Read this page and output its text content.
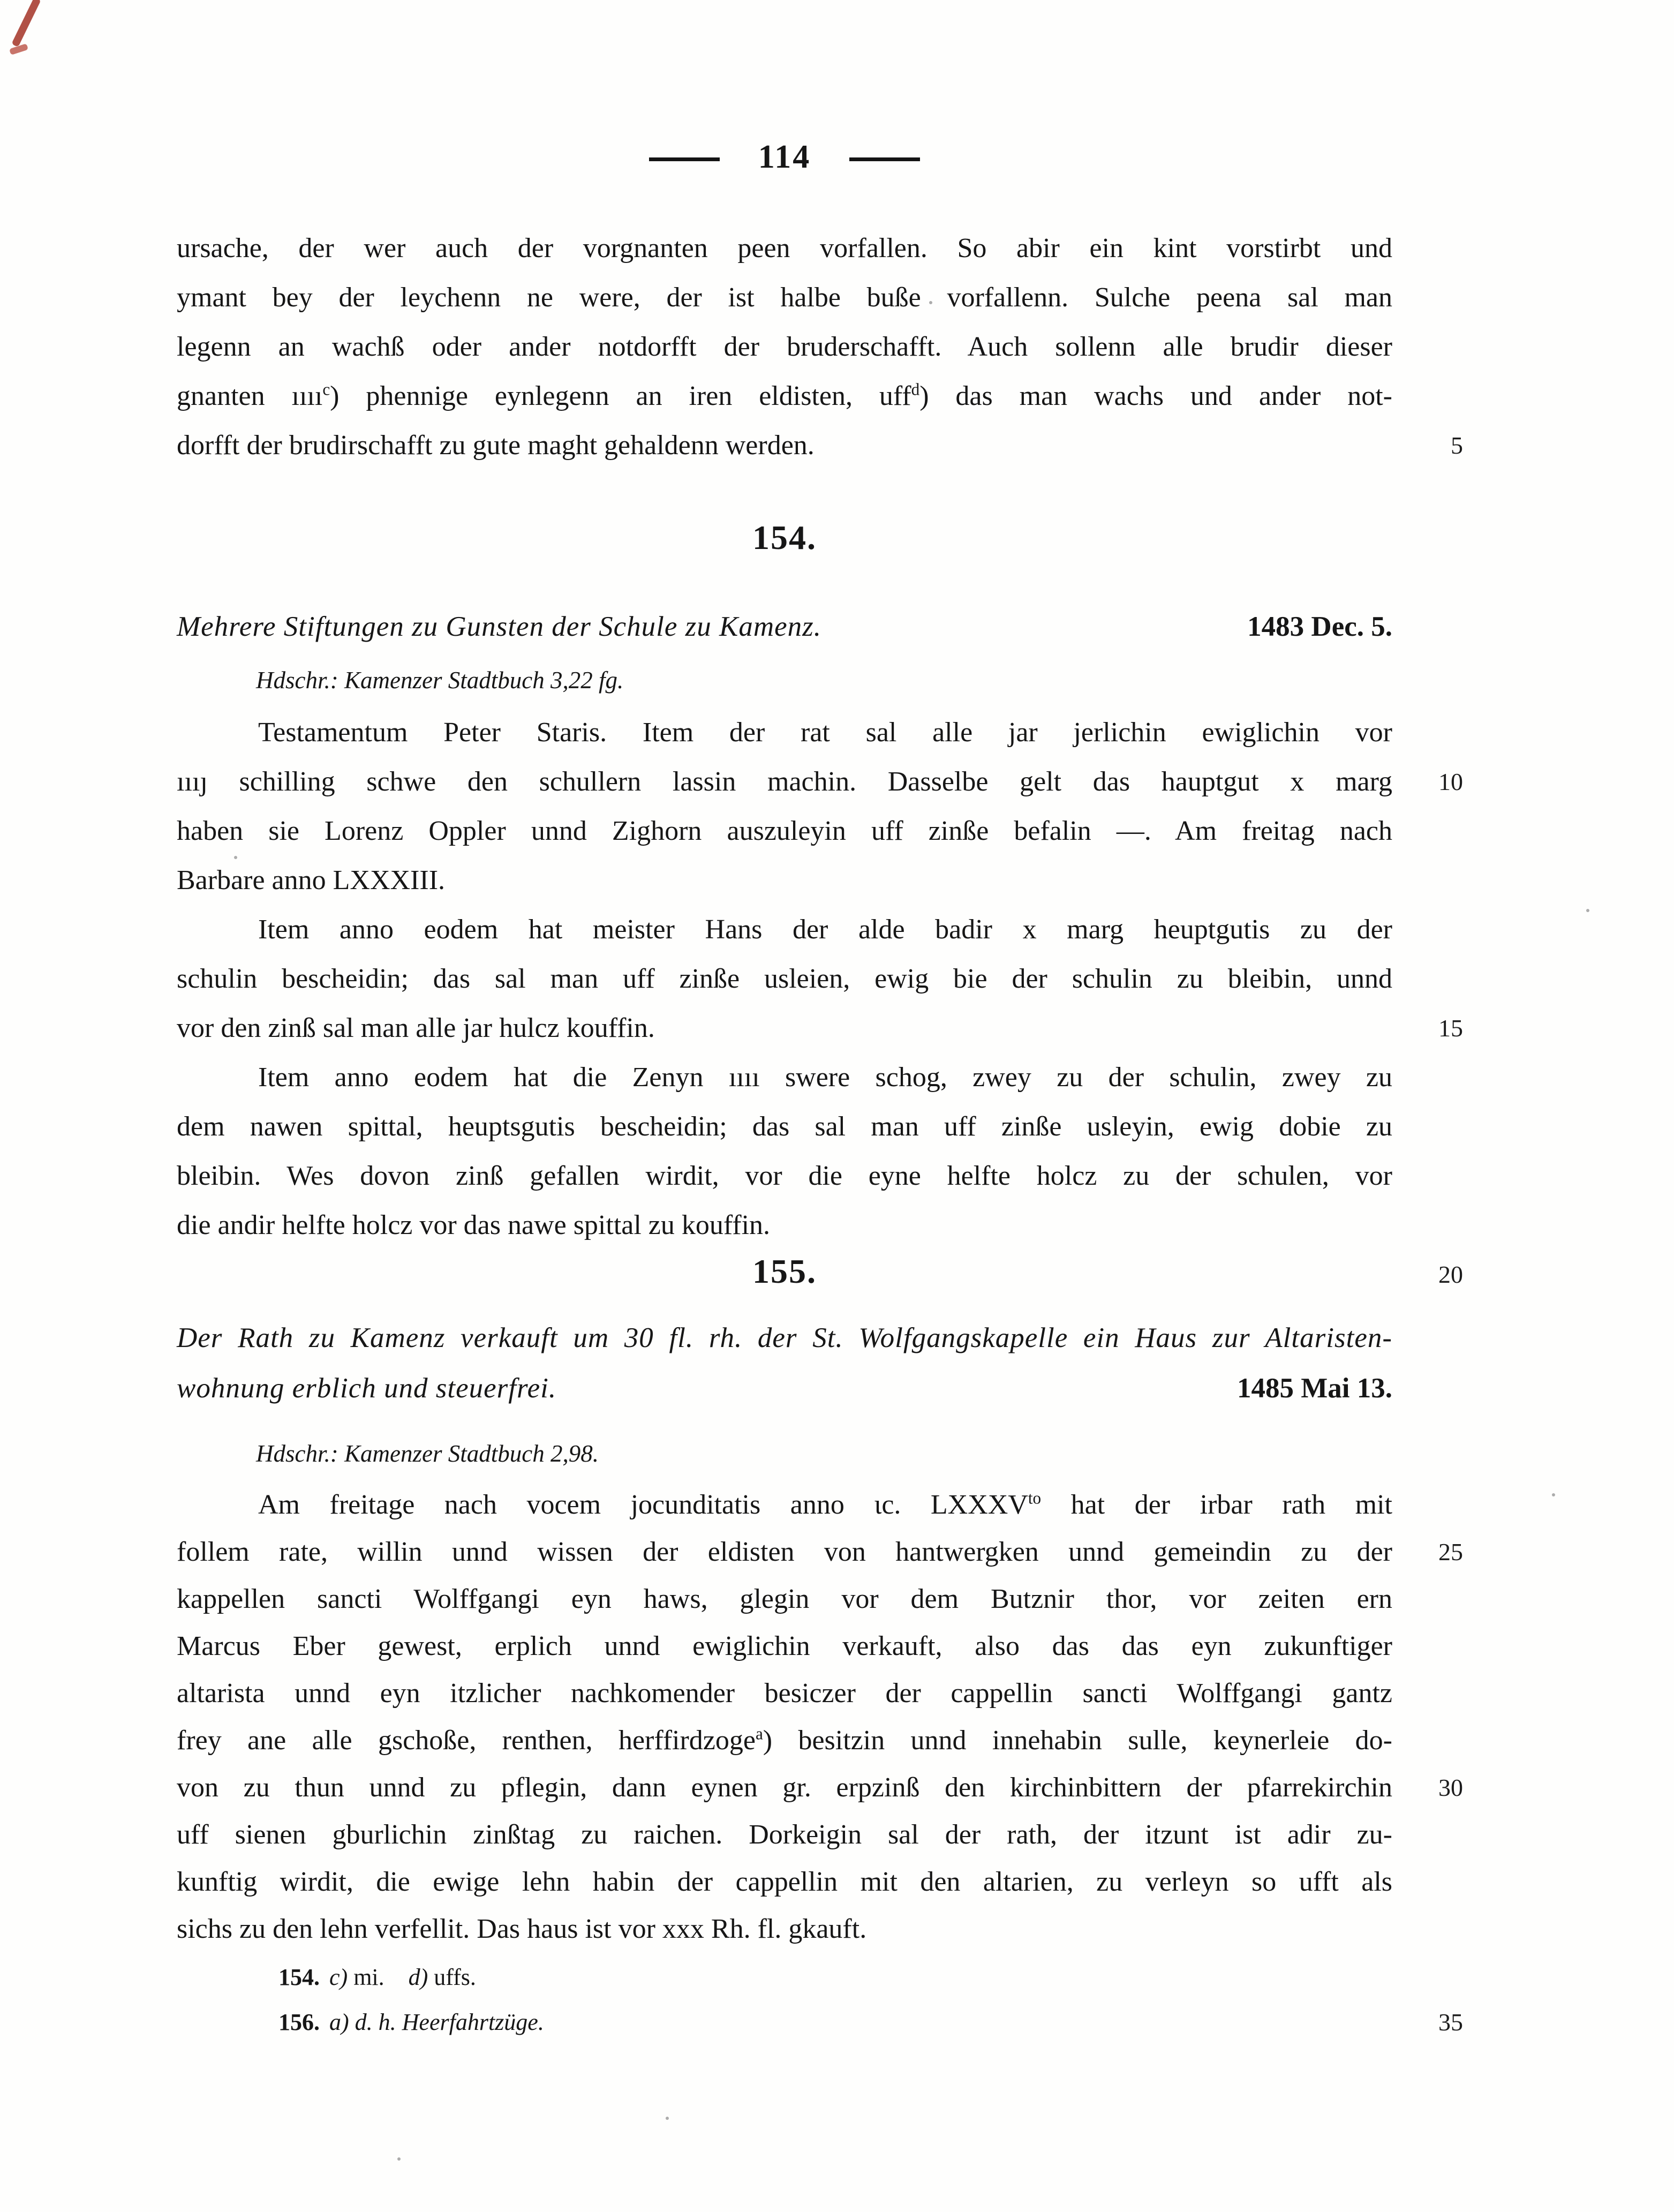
114
ursache, der wer auch der vorgnanten peen vorfallen. So abir ein kint vorstirbt und
ymant bey der leychenn ne were, der ist halbe buße vorfallenn. Sulche peena sal man
legenn an wachß oder ander notdorfft der bruderschafft. Auch sollenn alle brudir dieser
gnanten ıııı$^c$) phennige eynlegenn an iren eldisten, uff$^d$) das man wachs und ander not-
dorfft der brudirschafft zu gute maght gehaldenn werden.
154.
Mehrere Stiftungen zu Gunsten der Schule zu Kamenz.	1483 Dec. 5.
Hdschr.: Kamenzer Stadtbuch 3,22 fg.
Testamentum Peter Staris. Item der rat sal alle jar jerlichin ewiglichin vor
ıııȷ schilling schwe den schullern lassin machin. Dasselbe gelt das hauptgut x marg
haben sie Lorenz Oppler unnd Zighorn auszuleyin uff zinße befalin —. Am freitag nach
Barbare anno LXXXIII.
Item anno eodem hat meister Hans der alde badir x marg heuptgutis zu der
schulin bescheidin; das sal man uff zinße usleien, ewig bie der schulin zu bleibin, unnd
vor den zinß sal man alle jar hulcz kouffin.
Item anno eodem hat die Zenyn ıııı swere schog, zwey zu der schulin, zwey zu
dem nawen spittal, heuptsgutis bescheidin; das sal man uff zinße usleyin, ewig dobie zu
bleibin. Wes dovon zinß gefallen wirdit, vor die eyne helfte holcz zu der schulen, vor
die andir helfte holcz vor das nawe spittal zu kouffin.
155.
Der Rath zu Kamenz verkauft um 30 fl. rh. der St. Wolfgangskapelle ein Haus zur Altaristen-
wohnung erblich und steuerfrei.	1485 Mai 13.
Hdschr.: Kamenzer Stadtbuch 2,98.
Am freitage nach vocem jocunditatis anno ɩc. $LXXXV^{to}$ hat der irbar rath mit
follem rate, willin unnd wissen der eldisten von hantwergken unnd gemeindin zu der
kappellen sancti Wolffgangi eyn haws, glegin vor dem Butznir thor, vor zeiten ern
Marcus Eber gewest, erplich unnd ewiglichin verkauft, also das das eyn zukunftiger
altarista unnd eyn itzlicher nachkomender besiczer der cappellin sancti Wolffgangi gantz
frey ane alle gschoße, renthen, herffirdzoge$^a$) besitzin unnd innehabin sulle, keynerleie do-
von zu thun unnd zu pflegin, dann eynen gr. erpzinß den kirchinbittern der pfarrekirchin
uff sienen gburlichin zinßtag zu raichen. Dorkeigin sal der rath, der itzunt ist adir zu-
kunftig wirdit, die ewige lehn habin der cappellin mit den altarien, zu verleyn so ufft als
sichs zu den lehn verfellit. Das haus ist vor xxx Rh. fl. gkauft.
154. c) mi. d) uffs.
156. a) d. h. Heerfahrtzüge.
5
10
15
20
25
30
35
